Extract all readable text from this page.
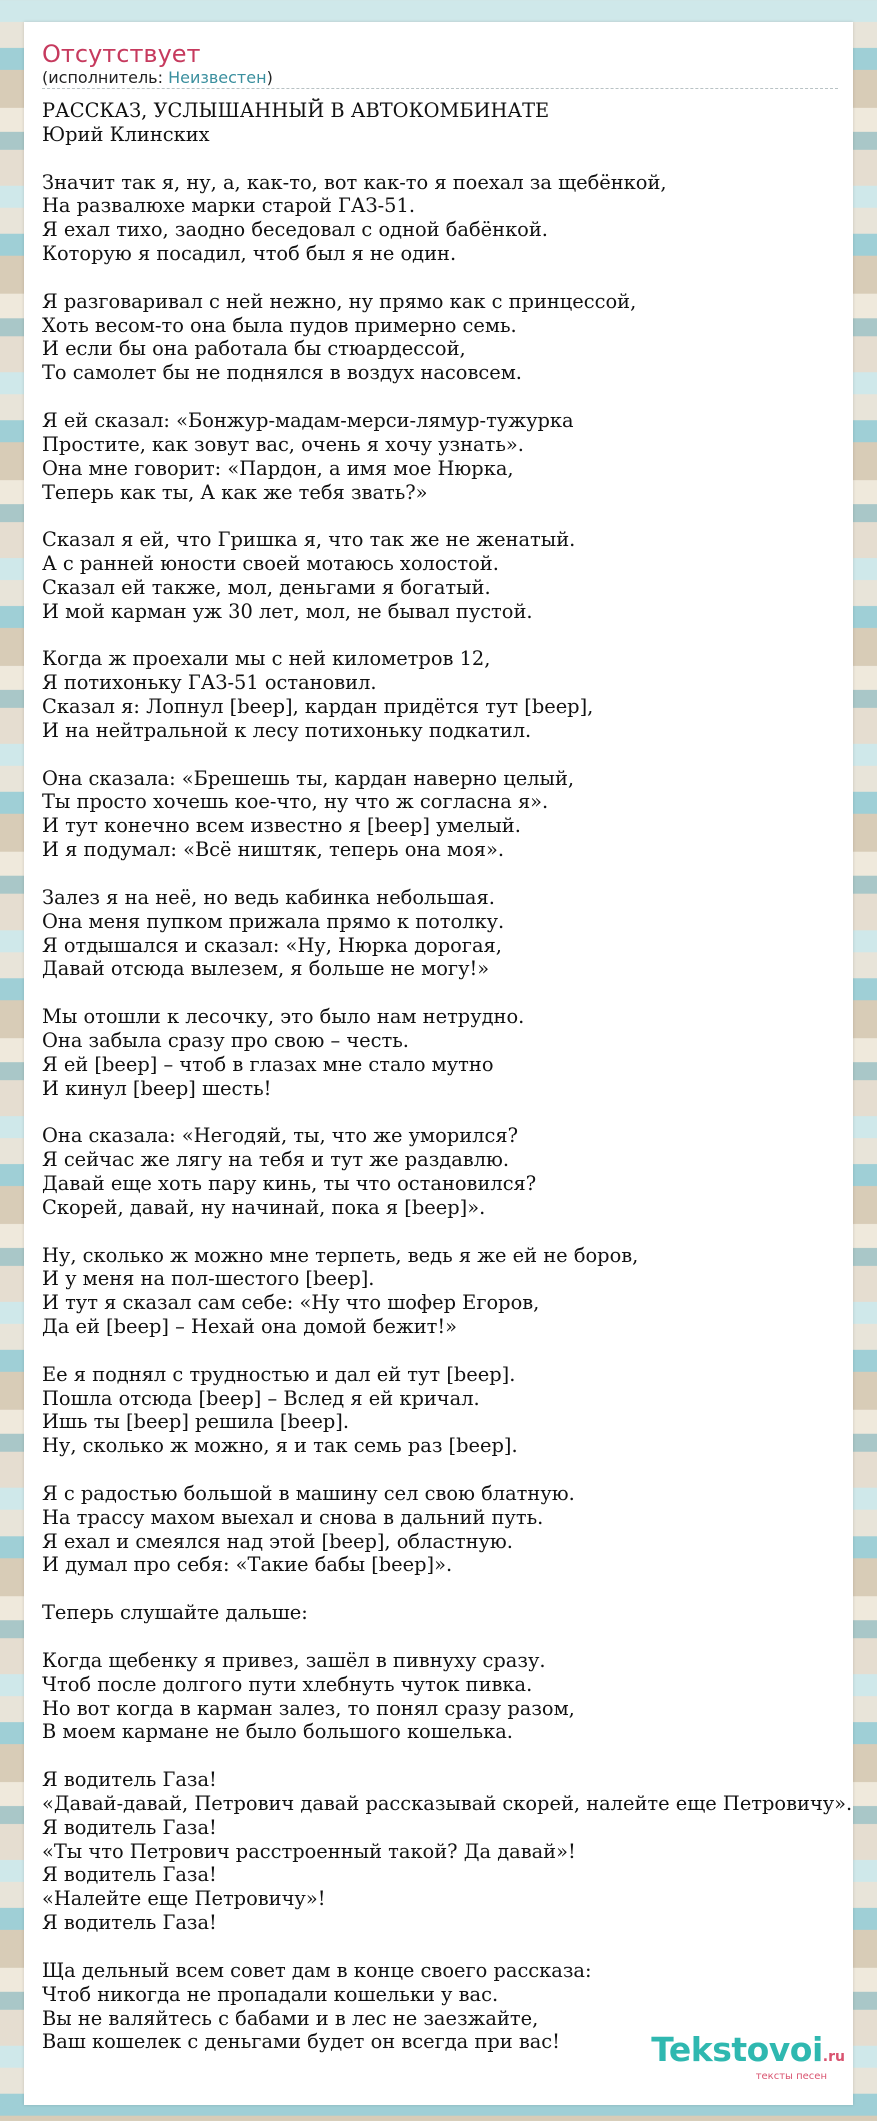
Отсутствует
(исполнитель: Неизвестен)
РАССКАЗ, УСЛЫШАННЫЙ В АВТОКОМБИНАТЕ
Юрий Клинских
Значит так я, ну, а, как-то, вот как-то я поехал за щебёнкой,
На развалюхе марки старой ГАЗ-51.
Я ехал тихо, заодно беседовал с одной бабёнкой.
Которую я посадил, чтоб был я не один.
Я разговаривал с ней нежно, ну прямо как с принцессой,
Хоть весом-то она была пудов примерно семь.
И если бы она работала бы стюардессой,
То самолет бы не поднялся в воздух насовсем.
Я ей сказал: «Бонжур-мадам-мерси-лямур-тужурка
Простите, как зовут вас, очень я хочу узнать».
Она мне говорит: «Пардон, а имя мое Нюрка,
Теперь как ты, А как же тебя звать?»
Сказал я ей, что Гришка я, что так же не женатый.
А с ранней юности своей мотаюсь холостой.
Сказал ей также, мол, деньгами я богатый.
И мой карман уж 30 лет, мол, не бывал пустой.
Когда ж проехали мы с ней километров 12,
Я потихоньку ГАЗ-51 остановил.
Сказал я: Лопнул [beep], кардан придётся тут [beep],
И на нейтральной к лесу потихоньку подкатил.
Она сказала: «Брешешь ты, кардан наверно целый,
Ты просто хочешь кое-что, ну что ж согласна я».
И тут конечно всем известно я [beep] умелый.
И я подумал: «Всё ништяк, теперь она моя».
Залез я на неё, но ведь кабинка небольшая.
Она меня пупком прижала прямо к потолку.
Я отдышался и сказал: «Ну, Нюрка дорогая,
Давай отсюда вылезем, я больше не могу!»
Мы отошли к лесочку, это было нам нетрудно.
Она забыла сразу про свою – честь.
Я ей [beep] – чтоб в глазах мне стало мутно
И кинул [beep] шесть!
Она сказала: «Негодяй, ты, что же уморился?
Я сейчас же лягу на тебя и тут же раздавлю.
Давай еще хоть пару кинь, ты что остановился?
Скорей, давай, ну начинай, пока я [beep]».
Ну, сколько ж можно мне терпеть, ведь я же ей не боров,
И у меня на пол-шестого [beep].
И тут я сказал сам себе: «Ну что шофер Егоров,
Да ей [beep] – Нехай она домой бежит!»
Ее я поднял с трудностью и дал ей тут [beep].
Пошла отсюда [beep] – Вслед я ей кричал.
Ишь ты [beep] решила [beep].
Ну, сколько ж можно, я и так семь раз [beep].
Я с радостью большой в машину сел свою блатную.
На трассу махом выехал и снова в дальний путь.
Я ехал и смеялся над этой [beep], областную.
И думал про себя: «Такие бабы [beep]».
Теперь слушайте дальше:
Когда щебенку я привез, зашёл в пивнуху сразу.
Чтоб после долгого пути хлебнуть чуток пивка.
Но вот когда в карман залез, то понял сразу разом,
В моем кармане не было большого кошелька.
Я водитель Газа!
«Давай-давай, Петрович давай рассказывай скорей, налейте еще Петровичу».
Я водитель Газа!
«Ты что Петрович расстроенный такой? Да давай»!
Я водитель Газа!
«Налейте еще Петровичу»!
Я водитель Газа!
Ща дельный всем совет дам в конце своего рассказа:
Чтоб никогда не пропадали кошельки у вас.
Вы не валяйтесь с бабами и в лес не заезжайте,
Ваш кошелек с деньгами будет он всегда при вас!	Tekstovoi.ru
тексты песен
